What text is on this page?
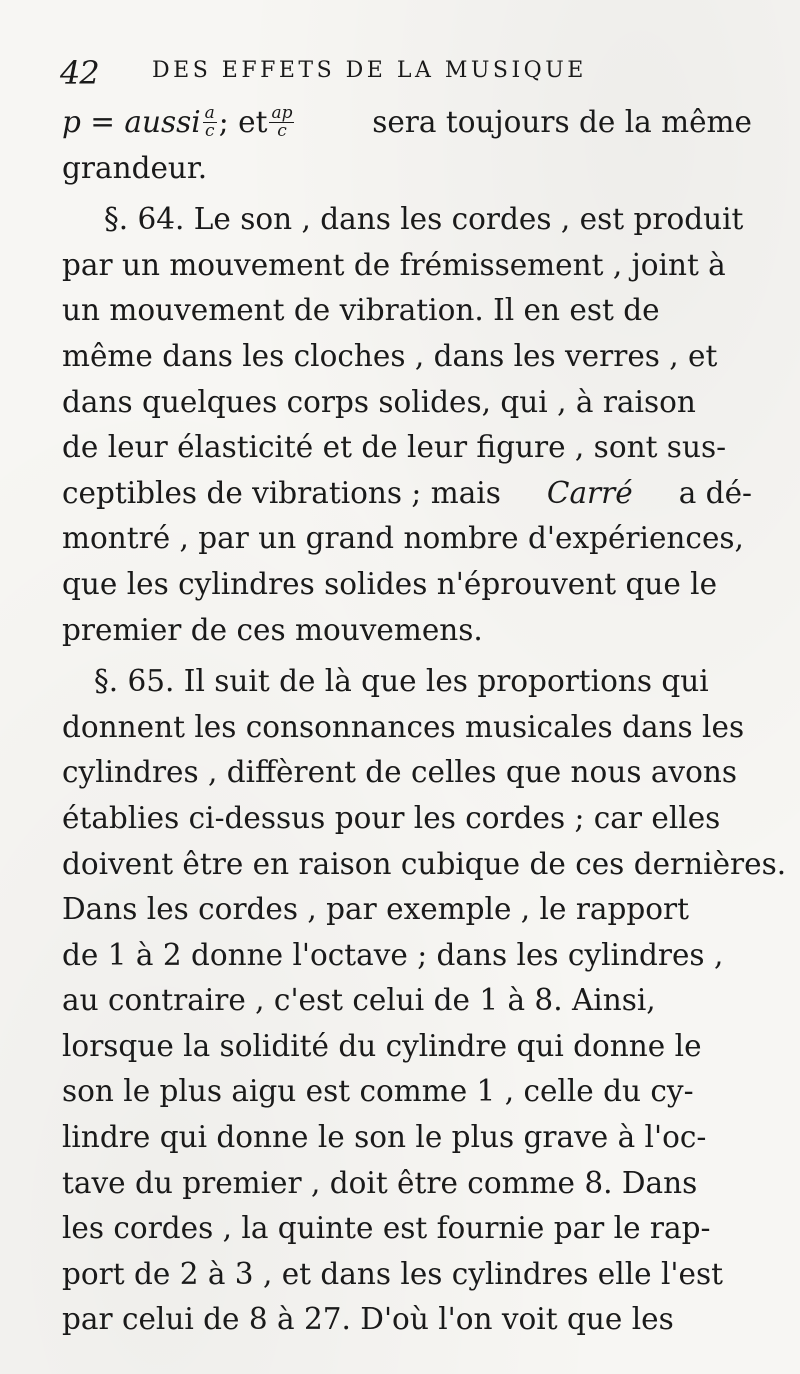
42 DES EFFETS DE LA MUSIQUE
p = aussi $\frac{a}{c}$ ; et $\frac{ap}{c}$	sera toujours de la même
grandeur.
§. 64. Le son , dans les cordes , est produit
par un mouvement de frémissement , joint à
un mouvement de vibration. Il en est de
même dans les cloches , dans les verres , et
dans quelques corps solides, qui , à raison
de leur élasticité et de leur figure , sont sus-
ceptibles de vibrations ; mais Carré a dé-
montré , par un grand nombre d'expériences,
que les cylindres solides n'éprouvent que le
premier de ces mouvemens.
§. 65. Il suit de là que les proportions qui
donnent les consonnances musicales dans les
cylindres , diffèrent de celles que nous avons
établies ci-dessus pour les cordes ; car elles
doivent être en raison cubique de ces dernières.
Dans les cordes , par exemple , le rapport
de 1 à 2 donne l'octave ; dans les cylindres ,
au contraire , c'est celui de 1 à 8. Ainsi,
lorsque la solidité du cylindre qui donne le
son le plus aigu est comme 1 , celle du cy-
lindre qui donne le son le plus grave à l'oc-
tave du premier , doit être comme 8. Dans
les cordes , la quinte est fournie par le rap-
port de 2 à 3 , et dans les cylindres elle l'est
par celui de 8 à 27. D'où l'on voit que les
